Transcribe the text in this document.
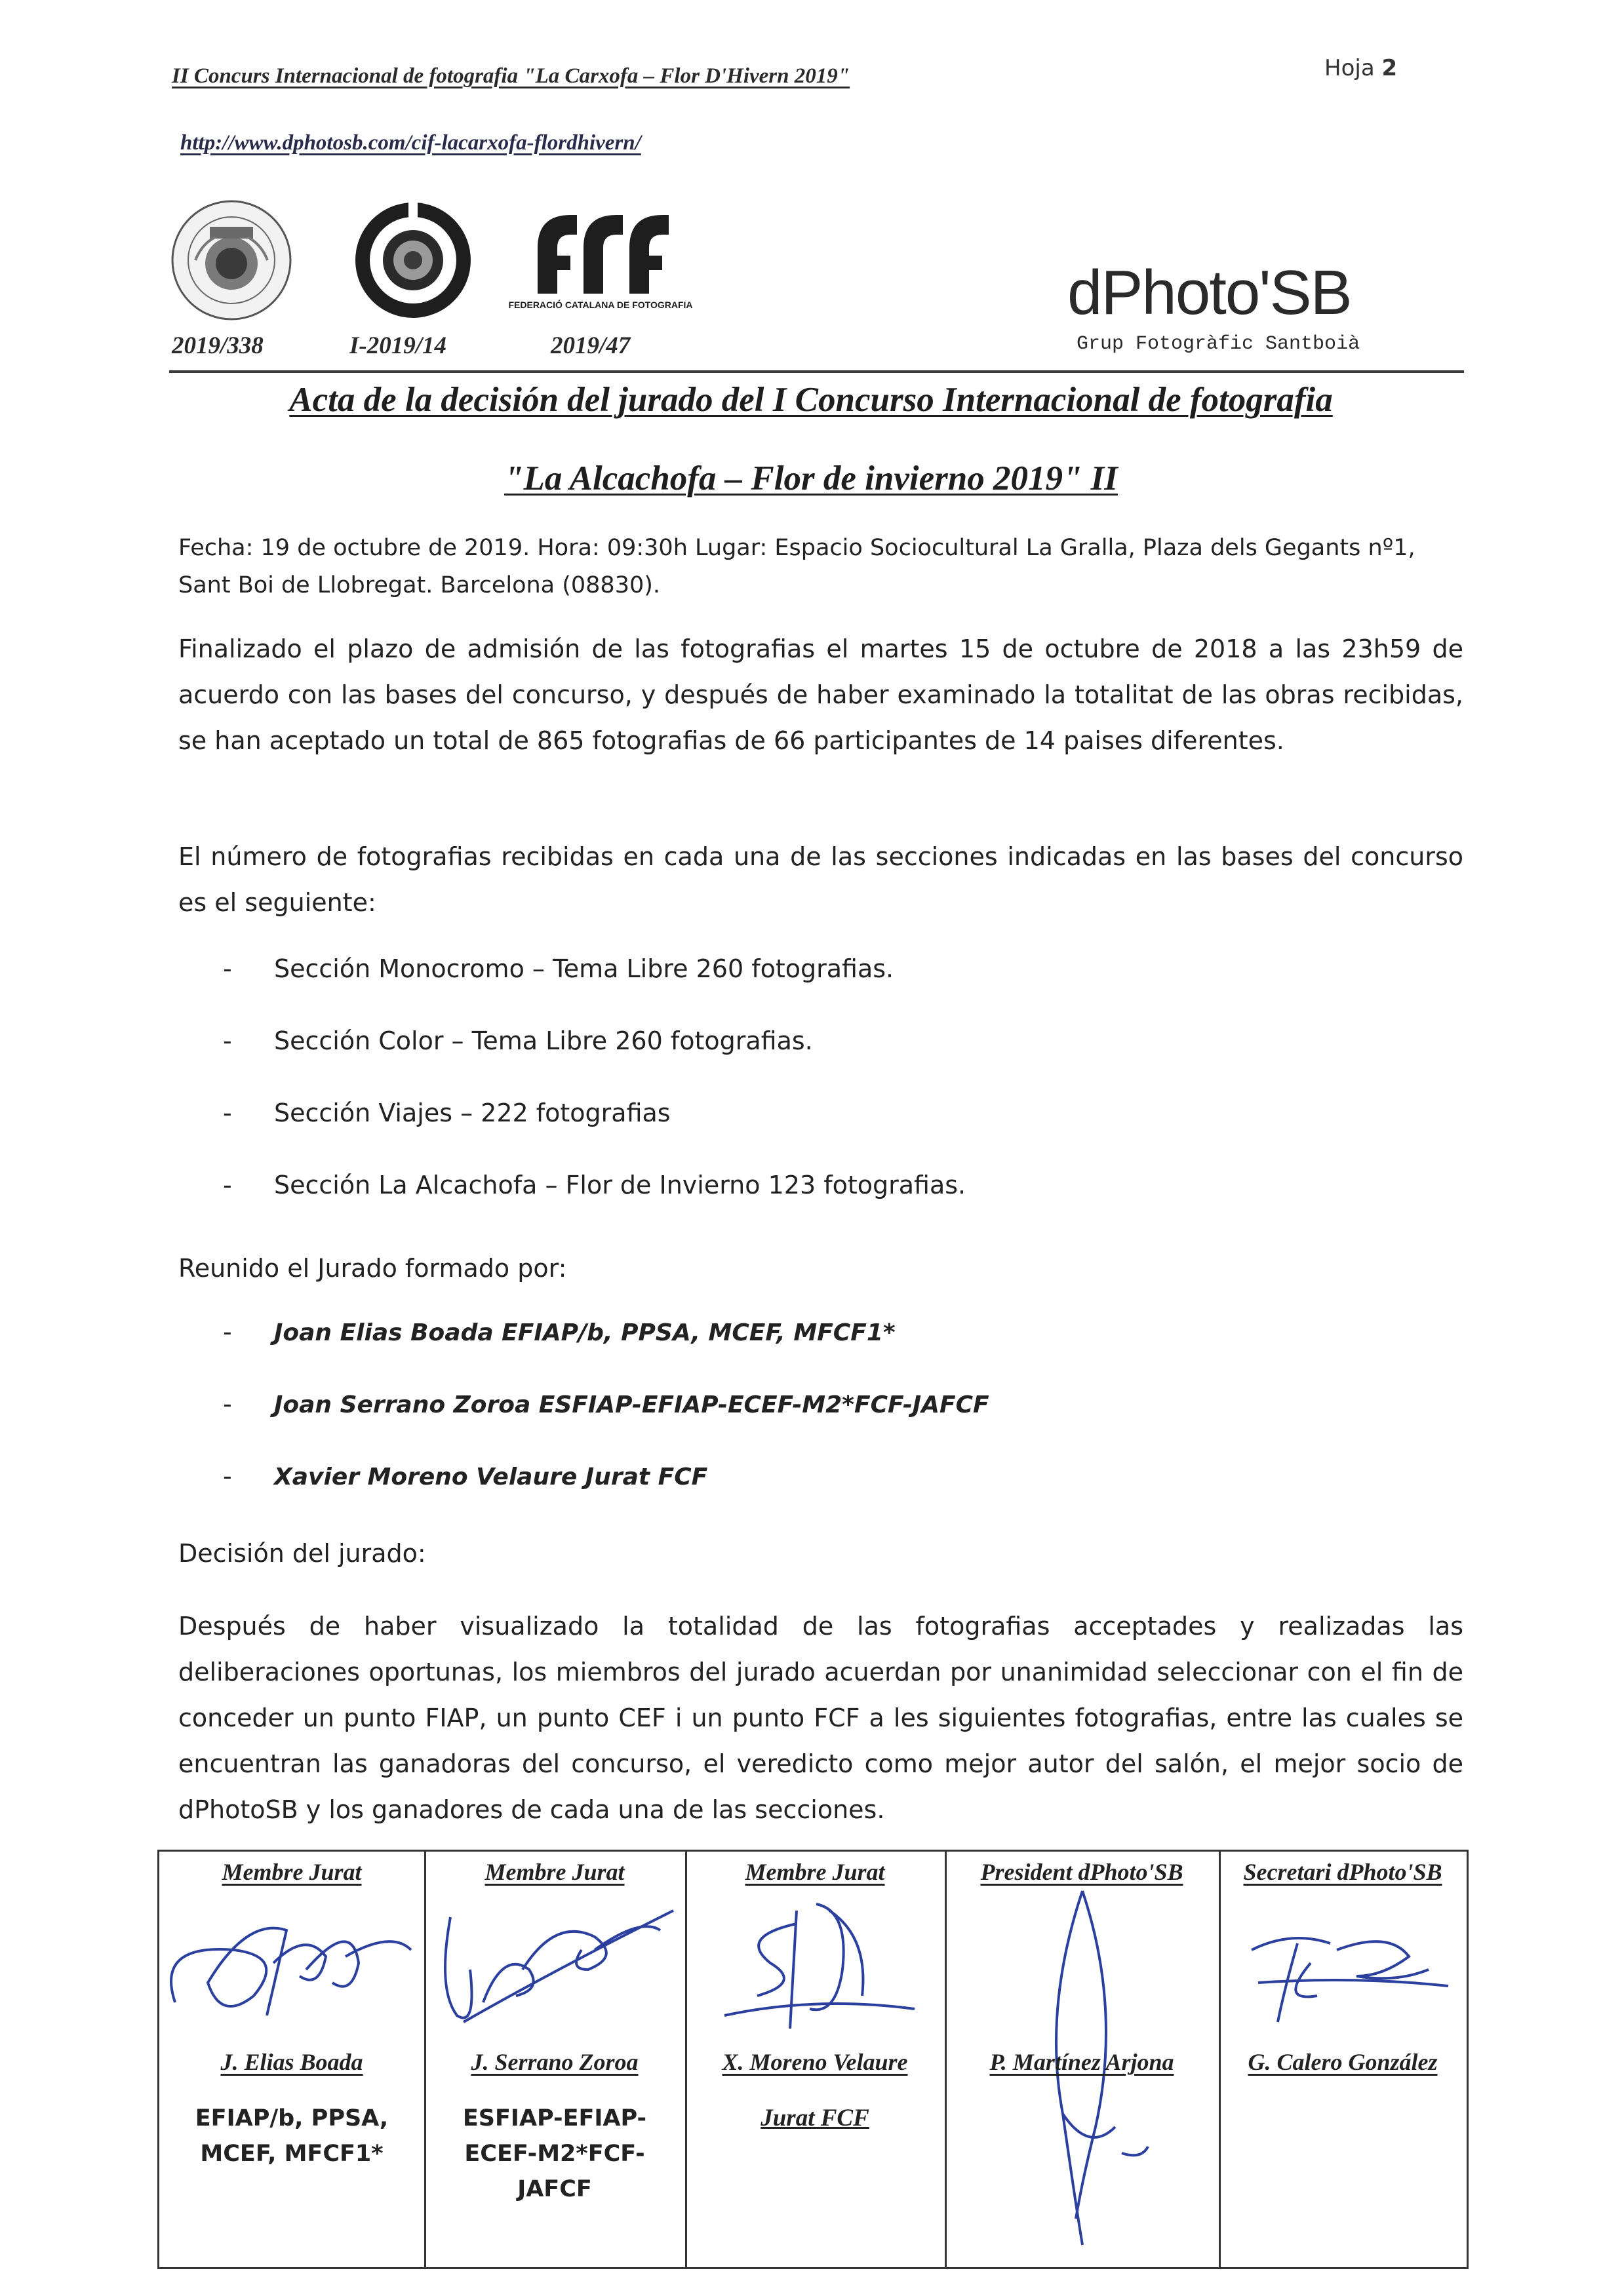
II Concurs Internacional de fotografia "La Carxofa – Flor D'Hivern 2019"	Hoja 2
http://www.dphotosb.com/cif-lacarxofa-flordhivern/
2019/338	I-2019/14
FEDERACIÓ CATALANA DE FOTOGRAFIA
2019/47
dPhoto'SB
Grup Fotogràfic Santboià
Acta de la decisión del jurado del I Concurso Internacional de fotografia
"La Alcachofa – Flor de invierno 2019" II
Fecha: 19 de octubre de 2019. Hora: 09:30h Lugar: Espacio Sociocultural La Gralla, Plaza dels Gegants nº1, Sant Boi de Llobregat. Barcelona (08830).
Finalizado el plazo de admisión de las fotografias el martes 15 de octubre de 2018 a las 23h59 de acuerdo con las bases del concurso, y después de haber examinado la totalitat de las obras recibidas, se han aceptado un total de 865 fotografias de 66 participantes de 14 paises diferentes.
El número de fotografias recibidas en cada una de las secciones indicadas en las bases del concurso es el seguiente:
- Sección Monocromo – Tema Libre 260 fotografias.
- Sección Color – Tema Libre 260 fotografias.
- Sección Viajes – 222 fotografias
- Sección La Alcachofa – Flor de Invierno 123 fotografias.
Reunido el Jurado formado por:
- Joan Elias Boada EFIAP/b, PPSA, MCEF, MFCF1*
- Joan Serrano Zoroa ESFIAP-EFIAP-ECEF-M2*FCF-JAFCF
- Xavier Moreno Velaure Jurat FCF
Decisión del jurado:
Después de haber visualizado la totalidad de las fotografias acceptades y realizadas las deliberaciones oportunas, los miembros del jurado acuerdan por unanimidad seleccionar con el fin de conceder un punto FIAP, un punto CEF i un punto FCF a les siguientes fotografias, entre las cuales se encuentran las ganadoras del concurso, el veredicto como mejor autor del salón, el mejor socio de dPhotoSB y los ganadores de cada una de las secciones.
Membre Jurat
J. Elias Boada
EFIAP/b, PPSA, MCEF, MFCF1*
Membre Jurat
J. Serrano Zoroa
ESFIAP-EFIAP-ECEF-M2*FCF-JAFCF
Membre Jurat
X. Moreno Velaure
Jurat FCF
President dPhoto'SB
P. Martínez Arjona
Secretari dPhoto'SB
G. Calero González
